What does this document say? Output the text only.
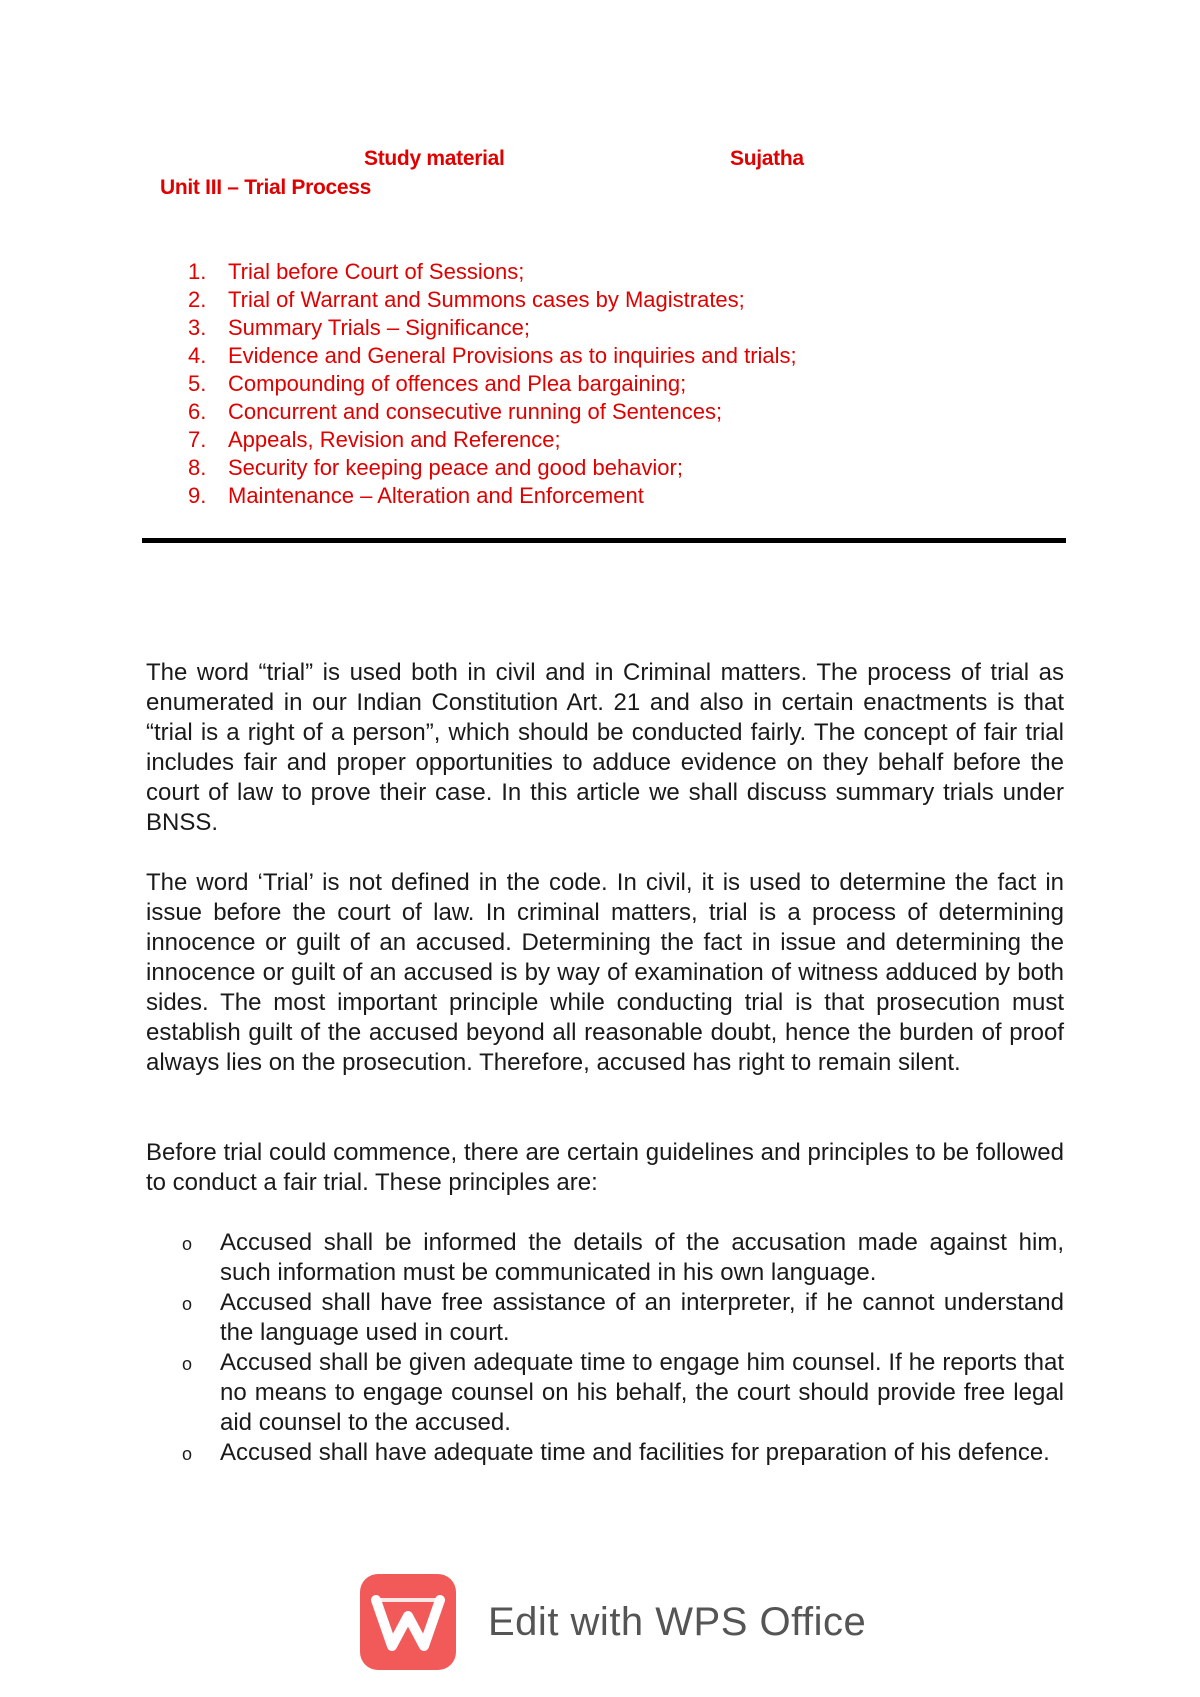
Study material	Sujatha
Unit III – Trial Process
1. Trial before Court of Sessions;
2. Trial of Warrant and Summons cases by Magistrates;
3. Summary Trials – Significance;
4. Evidence and General Provisions as to inquiries and trials;
5. Compounding of offences and Plea bargaining;
6. Concurrent and consecutive running of Sentences;
7. Appeals, Revision and Reference;
8. Security for keeping peace and good behavior;
9. Maintenance – Alteration and Enforcement

The word “trial” is used both in civil and in Criminal matters. The process of trial as enumerated in our Indian Constitution Art. 21 and also in certain enactments is that “trial is a right of a person”, which should be conducted fairly. The concept of fair trial includes fair and proper opportunities to adduce evidence on they behalf before the court of law to prove their case. In this article we shall discuss summary trials under BNSS.

The word ‘Trial’ is not defined in the code. In civil, it is used to determine the fact in issue before the court of law. In criminal matters, trial is a process of determining innocence or guilt of an accused. Determining the fact in issue and determining the innocence or guilt of an accused is by way of examination of witness adduced by both sides. The most important principle while conducting trial is that prosecution must establish guilt of the accused beyond all reasonable doubt, hence the burden of proof always lies on the prosecution. Therefore, accused has right to remain silent.

Before trial could commence, there are certain guidelines and principles to be followed to conduct a fair trial. These principles are:

o	Accused shall be informed the details of the accusation made against him, such information must be communicated in his own language.
o	Accused shall have free assistance of an interpreter, if he cannot understand the language used in court.
o	Accused shall be given adequate time to engage him counsel. If he reports that no means to engage counsel on his behalf, the court should provide free legal aid counsel to the accused.
o	Accused shall have adequate time and facilities for preparation of his defence.
Edit with WPS Office
